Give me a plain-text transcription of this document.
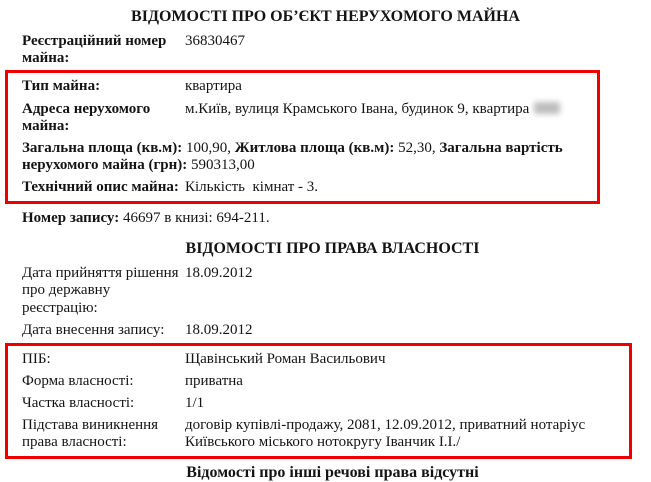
ВІДОМОСТІ ПРО ОБ’ЄКТ НЕРУХОМОГО МАЙНА
Реєстраційний номер майна:
36830467
Тип майна:	квартира
Адреса нерухомого майна:
м.Київ, вулиця Крамського Івана, будинок 9, квартира
Загальна площа (кв.м): 100,90, Житлова площа (кв.м): 52,30, Загальна вартість нерухомого майна (грн): 590313,00
Технічний опис майна: Кількість  кімнат - 3.
Номер запису: 46697 в книзі: 694-211.
ВІДОМОСТІ ПРО ПРАВА ВЛАСНОСТІ
Дата прийняття рішення про державну реєстрацію:
18.09.2012
Дата внесення запису:	18.09.2012
ПІБ:	Щавінський Роман Васильович
Форма власності:	приватна
Частка власності:	1/1
Підстава виникнення права власності:
договір купівлі-продажу, 2081, 12.09.2012, приватний нотаріус Київського міського нотокругу Іванчик І.І./
Відомості про інші речові права відсутні
